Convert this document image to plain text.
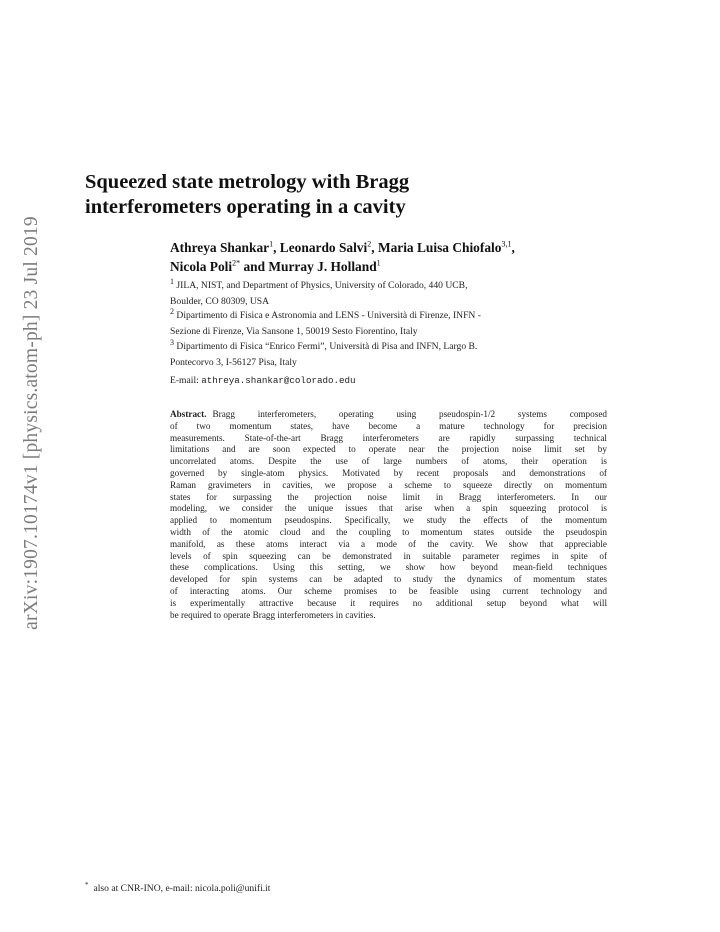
arXiv:1907.10174v1 [physics.atom-ph] 23 Jul 2019
Squeezed state metrology with Bragg
interferometers operating in a cavity
Athreya Shankar$^1$, Leonardo Salvi$^2$, Maria Luisa Chiofalo$^{3,1}$,
Nicola Poli$^{2*}$ and Murray J. Holland$^1$
$^1$ JILA, NIST, and Department of Physics, University of Colorado, 440 UCB,
Boulder, CO 80309, USA
$^2$ Dipartimento di Fisica e Astronomia and LENS - Università di Firenze, INFN -
Sezione di Firenze, Via Sansone 1, 50019 Sesto Fiorentino, Italy
$^3$ Dipartimento di Fisica “Enrico Fermi”, Università di Pisa and INFN, Largo B.
Pontecorvo 3, I-56127 Pisa, Italy
E-mail: athreya.shankar@colorado.edu
Abstract. Bragg interferometers, operating using pseudospin-1/2 systems composed
of two momentum states, have become a mature technology for precision
measurements. State-of-the-art Bragg interferometers are rapidly surpassing technical
limitations and are soon expected to operate near the projection noise limit set by
uncorrelated atoms. Despite the use of large numbers of atoms, their operation is
governed by single-atom physics. Motivated by recent proposals and demonstrations of
Raman gravimeters in cavities, we propose a scheme to squeeze directly on momentum
states for surpassing the projection noise limit in Bragg interferometers. In our
modeling, we consider the unique issues that arise when a spin squeezing protocol is
applied to momentum pseudospins. Specifically, we study the effects of the momentum
width of the atomic cloud and the coupling to momentum states outside the pseudospin
manifold, as these atoms interact via a mode of the cavity. We show that appreciable
levels of spin squeezing can be demonstrated in suitable parameter regimes in spite of
these complications. Using this setting, we show how beyond mean-field techniques
developed for spin systems can be adapted to study the dynamics of momentum states
of interacting atoms. Our scheme promises to be feasible using current technology and
is experimentally attractive because it requires no additional setup beyond what will
be required to operate Bragg interferometers in cavities.
* also at CNR-INO, e-mail: nicola.poli@unifi.it
